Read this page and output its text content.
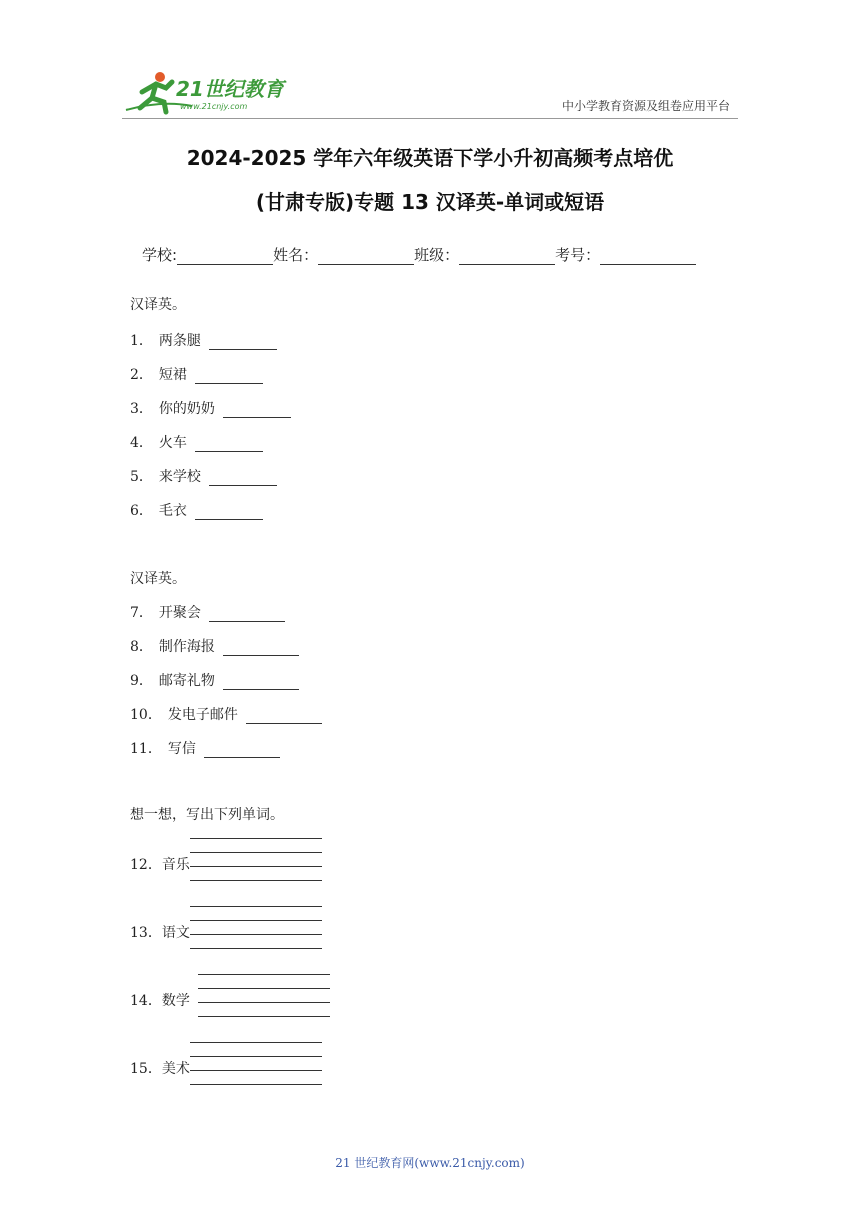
21世纪教育
www.21cnjy.com	中小学教育资源及组卷应用平台
2024-2025 学年六年级英语下学小升初高频考点培优
(甘肃专版)专题 13 汉译英-单词或短语
学校:	姓名：	班级：	考号：
汉译英。
1． 两条腿
2． 短裙
3． 你的奶奶
4． 火车
5． 来学校
6． 毛衣
汉译英。
7． 开聚会
8． 制作海报
9． 邮寄礼物
10． 发电子邮件
11． 写信
想一想，写出下列单词。
12．音乐
13．语文
14．数学
15．美术
21 世纪教育网(www.21cnjy.com)
